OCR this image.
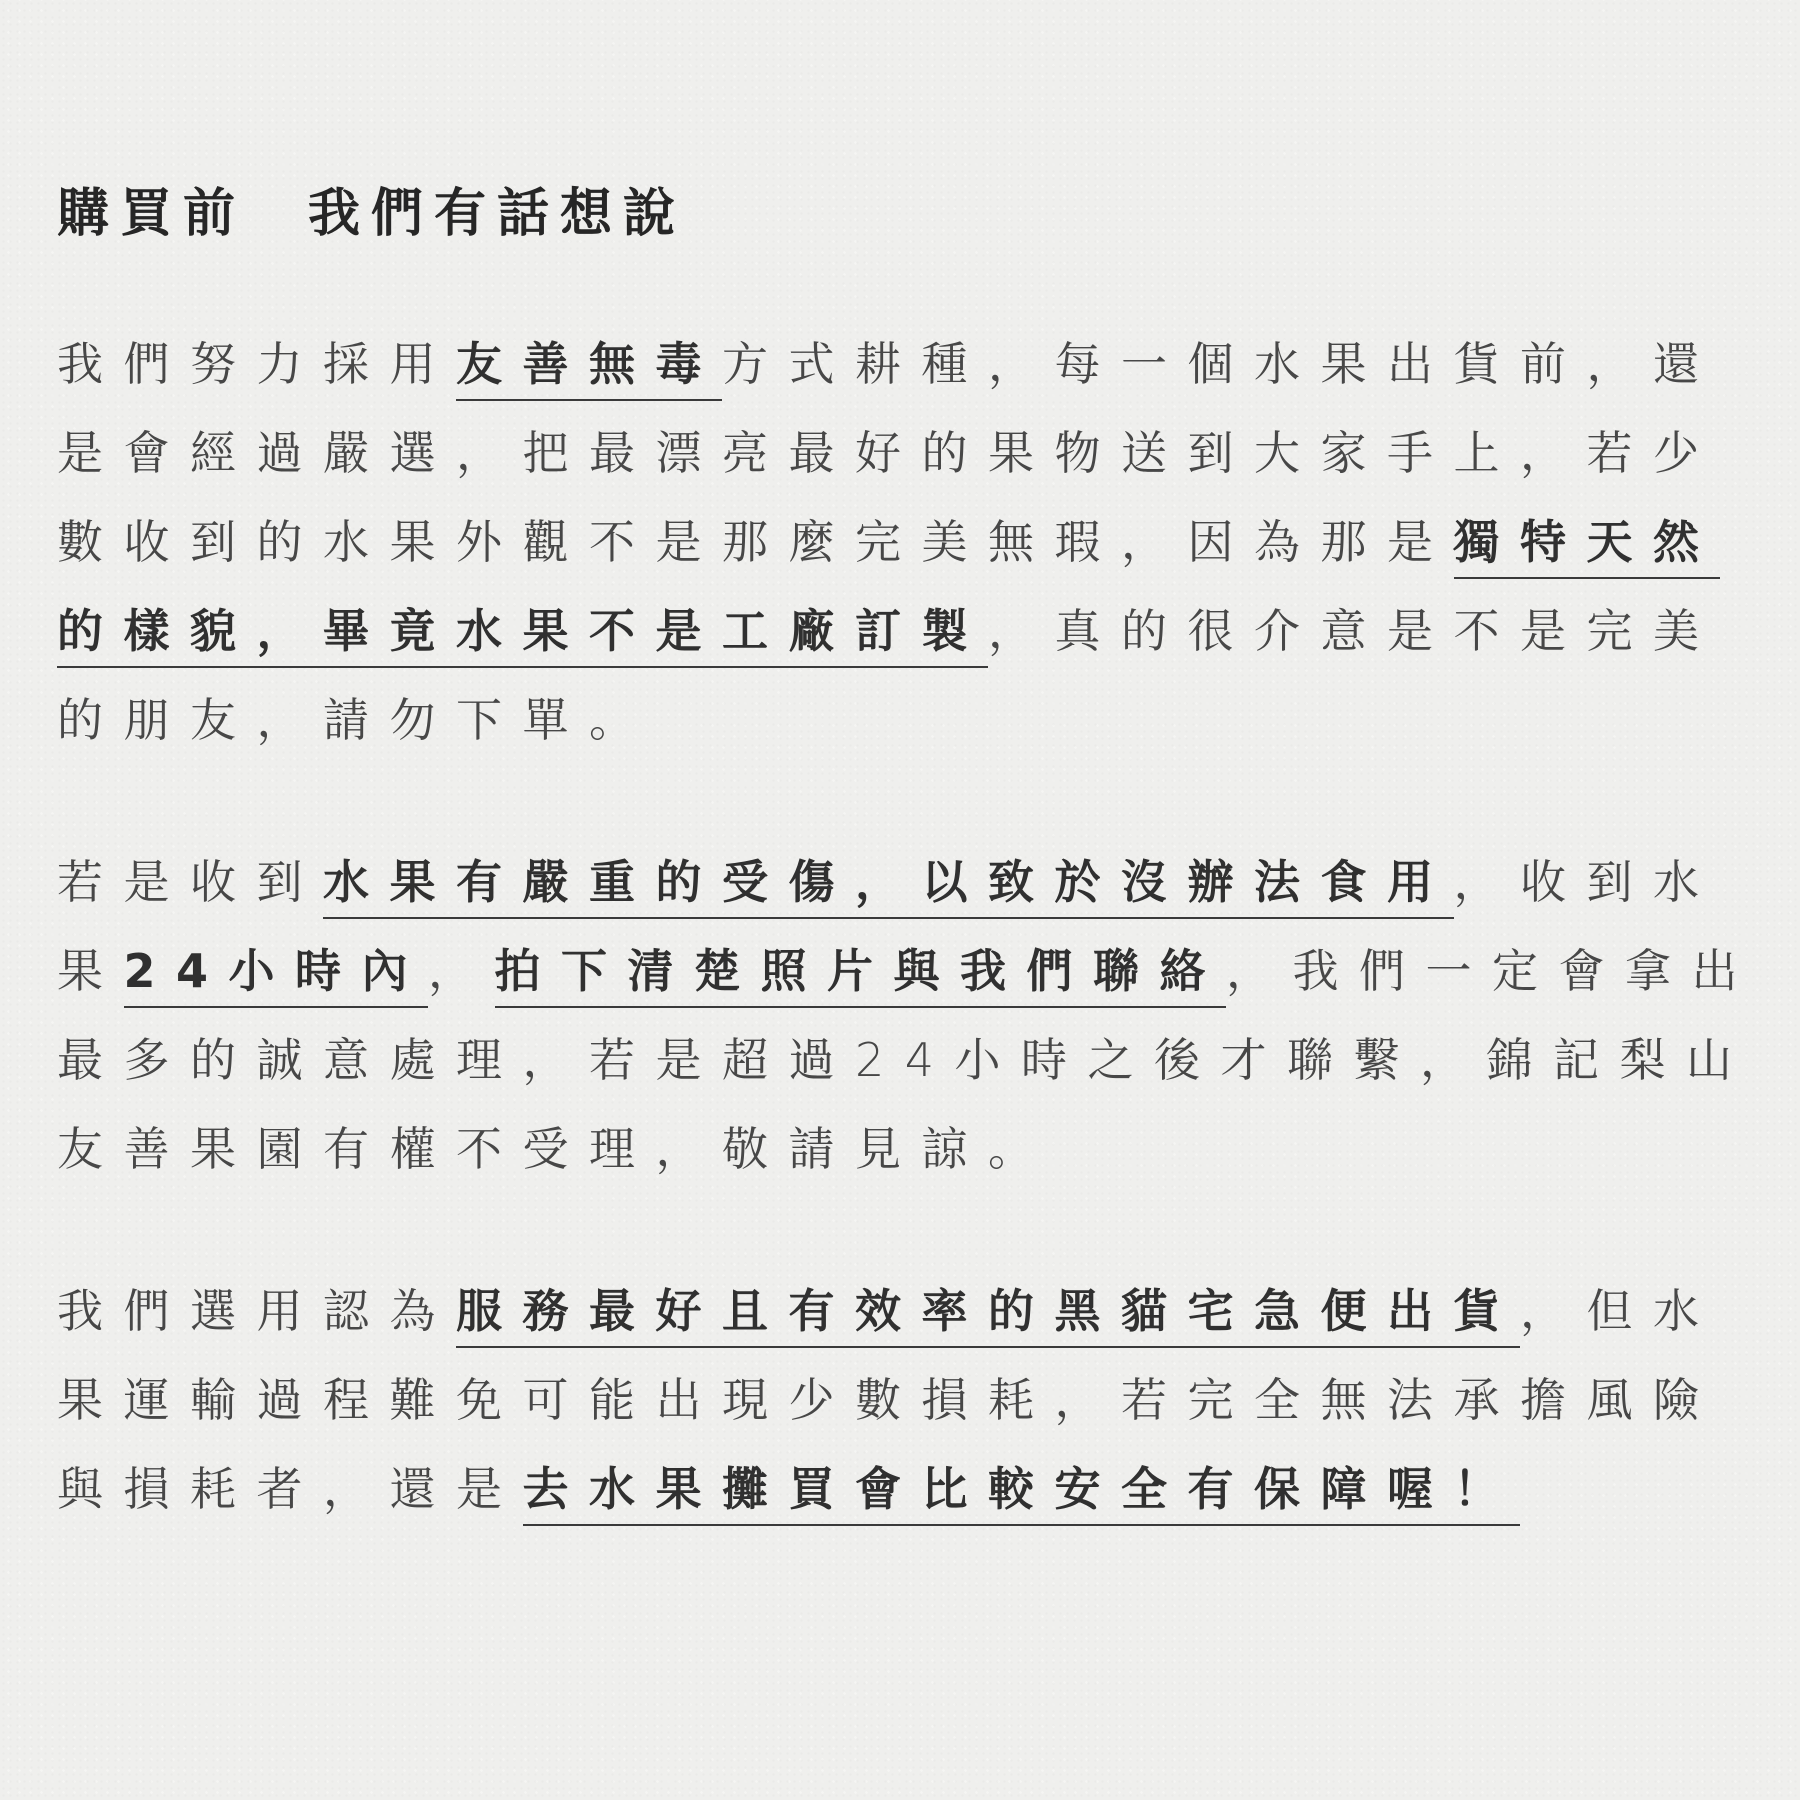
購買前 我們有話想說
我們努力採用友善無毒方式耕種，每一個水果出貨前，還
是會經過嚴選，把最漂亮最好的果物送到大家手上，若少
數收到的水果外觀不是那麼完美無瑕，因為那是獨特天然
的樣貌，畢竟水果不是工廠訂製，真的很介意是不是完美
的朋友，請勿下單。
若是收到水果有嚴重的受傷，以致於沒辦法食用，收到水
果24小時內，拍下清楚照片與我們聯絡，我們一定會拿出
最多的誠意處理，若是超過24小時之後才聯繫，錦記梨山
友善果園有權不受理，敬請見諒。
我們選用認為服務最好且有效率的黑貓宅急便出貨，但水
果運輸過程難免可能出現少數損耗，若完全無法承擔風險
與損耗者，還是去水果攤買會比較安全有保障喔！
